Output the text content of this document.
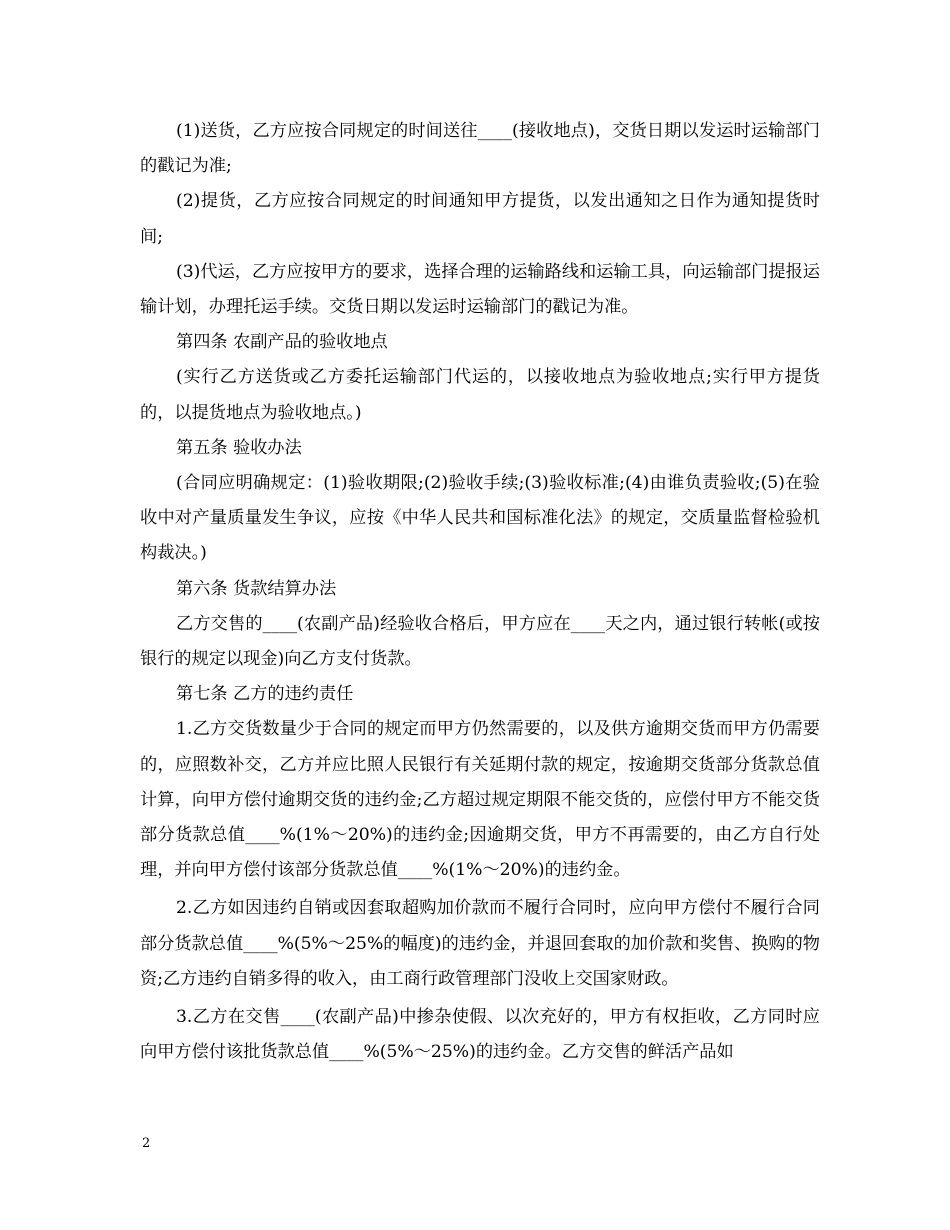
(1)送货，乙方应按合同规定的时间送往____(接收地点)，交货日期以发运时运输部门的戳记为准;

(2)提货，乙方应按合同规定的时间通知甲方提货，以发出通知之日作为通知提货时间;

(3)代运，乙方应按甲方的要求，选择合理的运输路线和运输工具，向运输部门提报运输计划，办理托运手续。交货日期以发运时运输部门的戳记为准。

第四条 农副产品的验收地点

(实行乙方送货或乙方委托运输部门代运的，以接收地点为验收地点;实行甲方提货的，以提货地点为验收地点。)

第五条 验收办法

(合同应明确规定：(1)验收期限;(2)验收手续;(3)验收标准;(4)由谁负责验收;(5)在验收中对产量质量发生争议，应按《中华人民共和国标准化法》的规定，交质量监督检验机构裁决。)

第六条 货款结算办法

乙方交售的____(农副产品)经验收合格后，甲方应在____天之内，通过银行转帐(或按银行的规定以现金)向乙方支付货款。

第七条 乙方的违约责任

1.乙方交货数量少于合同的规定而甲方仍然需要的，以及供方逾期交货而甲方仍需要的，应照数补交，乙方并应比照人民银行有关延期付款的规定，按逾期交货部分货款总值计算，向甲方偿付逾期交货的违约金;乙方超过规定期限不能交货的，应偿付甲方不能交货部分货款总值____%(1%～20%)的违约金;因逾期交货，甲方不再需要的，由乙方自行处理，并向甲方偿付该部分货款总值____%(1%～20%)的违约金。

2.乙方如因违约自销或因套取超购加价款而不履行合同时，应向甲方偿付不履行合同部分货款总值____%(5%～25%的幅度)的违约金，并退回套取的加价款和奖售、换购的物资;乙方违约自销多得的收入，由工商行政管理部门没收上交国家财政。

3.乙方在交售____(农副产品)中掺杂使假、以次充好的，甲方有权拒收，乙方同时应向甲方偿付该批货款总值____%(5%～25%)的违约金。乙方交售的鲜活产品如

2
